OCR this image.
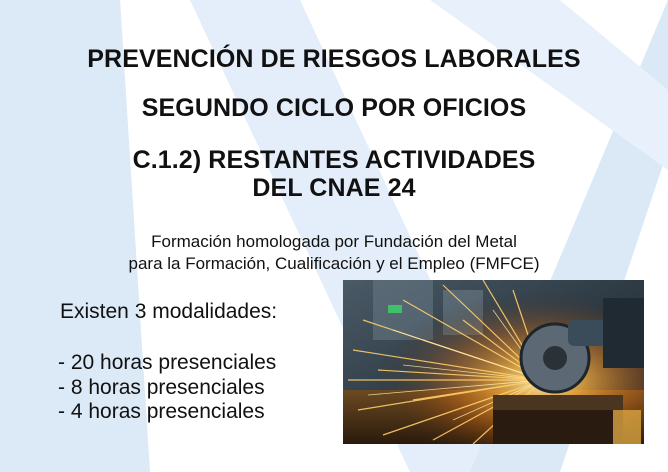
PREVENCIÓN DE RIESGOS LABORALES
SEGUNDO CICLO POR OFICIOS
C.1.2) RESTANTES ACTIVIDADES
DEL CNAE 24

Formación homologada por Fundación del Metal

para la Formación, Cualificación y el Empleo (FMFCE)

Existen 3 modalidades:
- 20 horas presenciales
- 8 horas presenciales
- 4 horas presenciales
